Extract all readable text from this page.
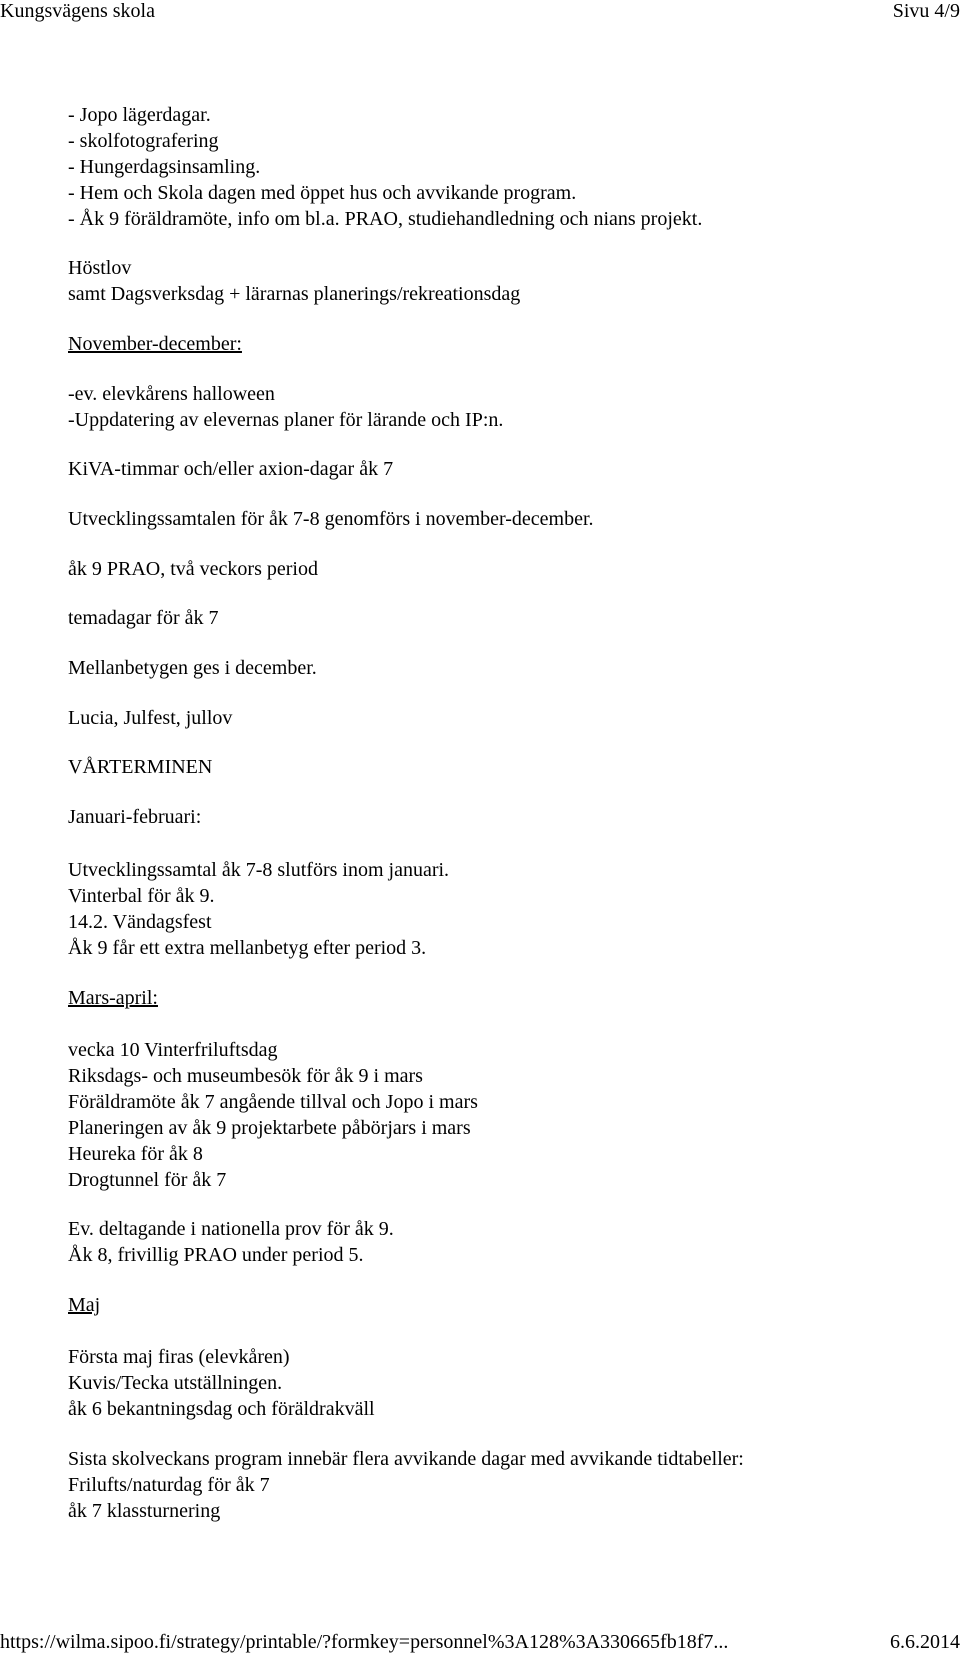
Kungsvägens skola	Sivu 4/9
- Jopo lägerdagar.
- skolfotografering
- Hungerdagsinsamling.
- Hem och Skola dagen med öppet hus och avvikande program.
- Åk 9 föräldramöte, info om bl.a. PRAO, studiehandledning och nians projekt.
Höstlov
samt Dagsverksdag + lärarnas planerings/rekreationsdag
November-december:
-ev. elevkårens halloween
-Uppdatering av elevernas planer för lärande och IP:n.
KiVA-timmar och/eller axion-dagar åk 7
Utvecklingssamtalen för åk 7-8 genomförs i november-december.
åk 9 PRAO, två veckors period
temadagar för åk 7
Mellanbetygen ges i december.
Lucia, Julfest, jullov
VÅRTERMINEN
Januari-februari:
Utvecklingssamtal åk 7-8 slutförs inom januari.
Vinterbal för åk 9.
14.2. Vändagsfest
Åk 9 får ett extra mellanbetyg efter period 3.
Mars-april:
vecka 10 Vinterfriluftsdag
Riksdags- och museumbesök för åk 9 i mars
Föräldramöte åk 7 angående tillval och Jopo i mars
Planeringen av åk 9 projektarbete påbörjars i mars
Heureka för åk 8
Drogtunnel för åk 7
Ev. deltagande i nationella prov för åk 9.
Åk 8, frivillig PRAO under period 5.
Maj
Första maj firas (elevkåren)
Kuvis/Tecka utställningen.
åk 6 bekantningsdag och föräldrakväll
Sista skolveckans program innebär flera avvikande dagar med avvikande tidtabeller:
Frilufts/naturdag för åk 7
åk 7 klassturnering
https://wilma.sipoo.fi/strategy/printable/?formkey=personnel%3A128%3A330665fb18f7...	6.6.2014
